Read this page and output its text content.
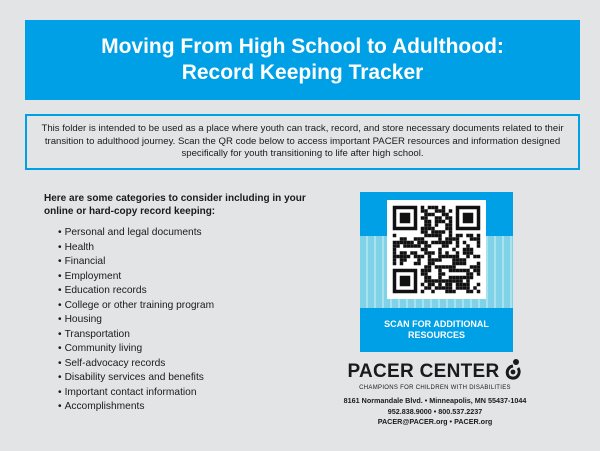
Moving From High School to Adulthood:
Record Keeping Tracker

This folder is intended to be used as a place where youth can track, record, and store necessary documents related to their transition to adulthood journey. Scan the QR code below to access important PACER resources and information designed specifically for youth transitioning to life after high school.

Here are some categories to consider including in your online or hard-copy record keeping:
• Personal and legal documents
• Health
• Financial
• Employment
• Education records
• College or other training program
• Housing
• Transportation
• Community living
• Self-advocacy records
• Disability services and benefits
• Important contact information
• Accomplishments
SCAN FOR ADDITIONAL
RESOURCES
PACER CENTER
CHAMPIONS FOR CHILDREN WITH DISABILITIES
8161 Normandale Blvd. • Minneapolis, MN 55437-1044
952.838.9000 • 800.537.2237
PACER@PACER.org • PACER.org
